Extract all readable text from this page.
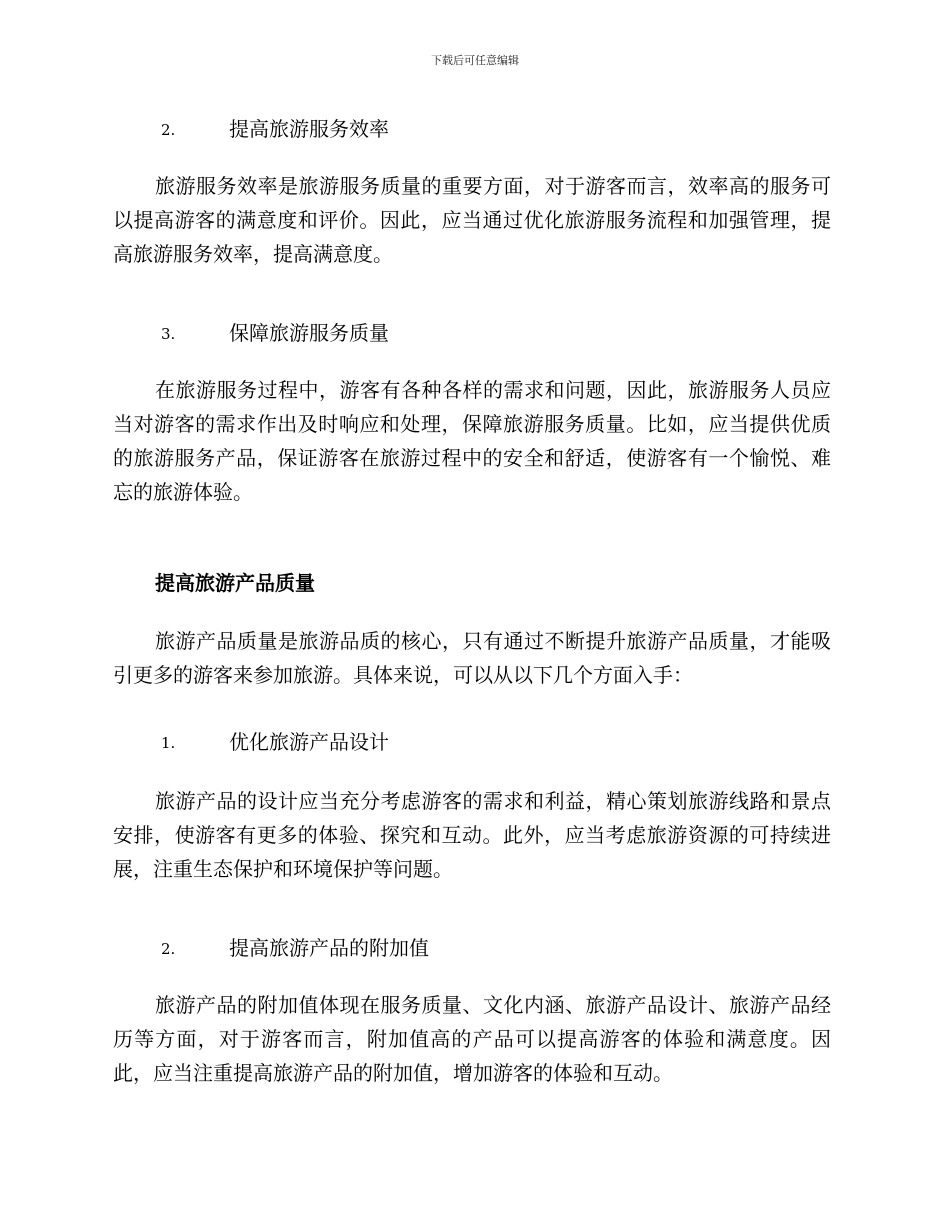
下载后可任意编辑
2.	提高旅游服务效率

旅游服务效率是旅游服务质量的重要方面，对于游客而言，效率高的服务可以提高游客的满意度和评价。因此，应当通过优化旅游服务流程和加强管理，提高旅游服务效率，提高满意度。

3.	保障旅游服务质量

在旅游服务过程中，游客有各种各样的需求和问题，因此，旅游服务人员应当对游客的需求作出及时响应和处理，保障旅游服务质量。比如，应当提供优质的旅游服务产品，保证游客在旅游过程中的安全和舒适，使游客有一个愉悦、难忘的旅游体验。

提高旅游产品质量

旅游产品质量是旅游品质的核心，只有通过不断提升旅游产品质量，才能吸引更多的游客来参加旅游。具体来说，可以从以下几个方面入手：

1.	优化旅游产品设计

旅游产品的设计应当充分考虑游客的需求和利益，精心策划旅游线路和景点安排，使游客有更多的体验、探究和互动。此外，应当考虑旅游资源的可持续进展，注重生态保护和环境保护等问题。

2.	提高旅游产品的附加值

旅游产品的附加值体现在服务质量、文化内涵、旅游产品设计、旅游产品经历等方面，对于游客而言，附加值高的产品可以提高游客的体验和满意度。因此，应当注重提高旅游产品的附加值，增加游客的体验和互动。
